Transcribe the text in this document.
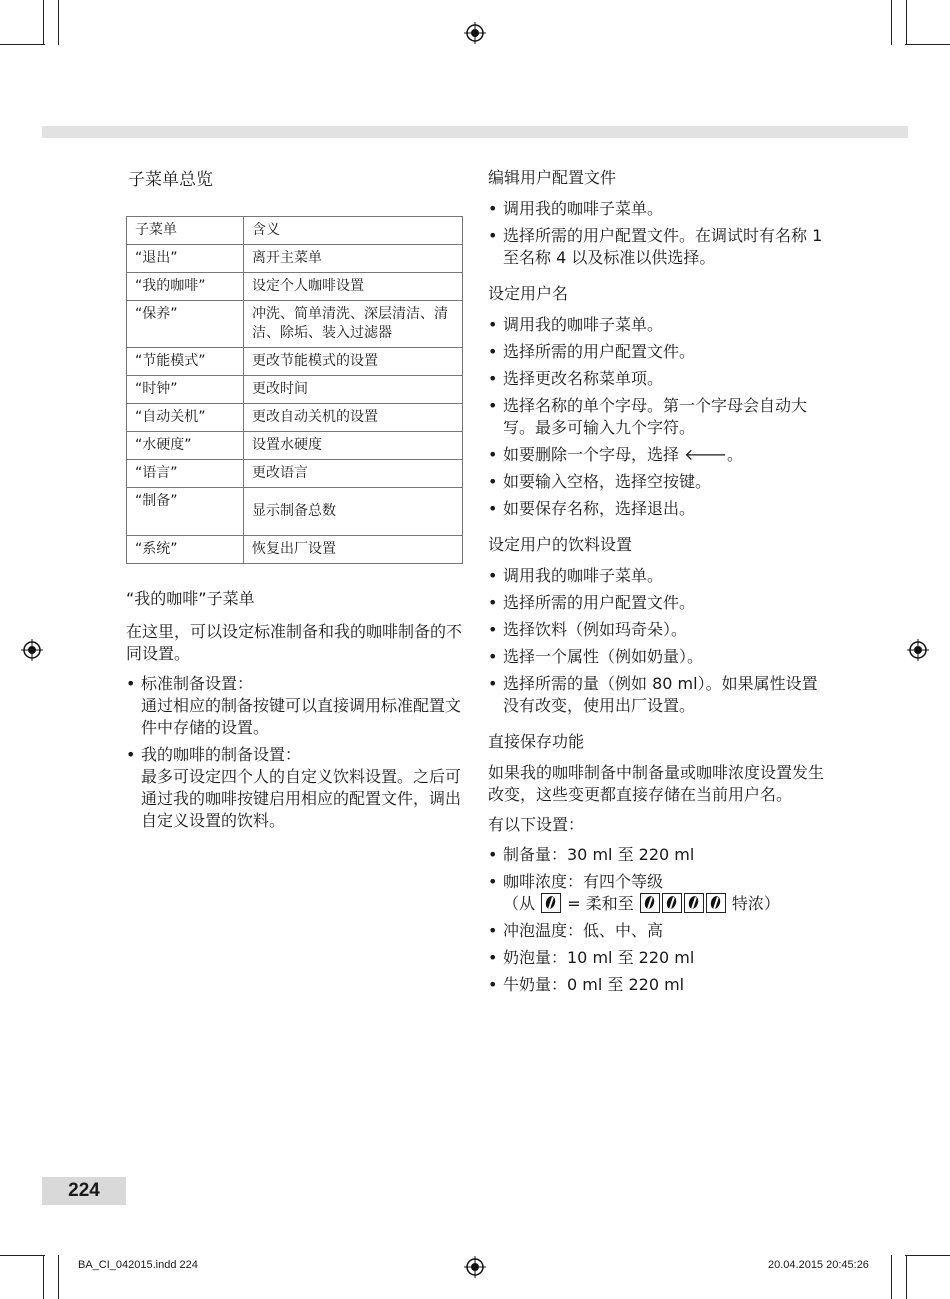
子菜单总览
子菜单	含义
“退出”	离开主菜单
“我的咖啡”	设定个人咖啡设置
“保养”	冲洗、简单清洗、深层清洁、清洁、除垢、装入过滤器
“节能模式”	更改节能模式的设置
“时钟”	更改时间
“自动关机”	更改自动关机的设置
“水硬度”	设置水硬度
“语言”	更改语言
“制备”	显示制备总数
“系统”	恢复出厂设置
“我的咖啡”子菜单

在这里，可以设定标准制备和我的咖啡制备的不同设置。

• 标准制备设置：
通过相应的制备按键可以直接调用标准配置文件中存储的设置。
• 我的咖啡的制备设置：
最多可设定四个人的自定义饮料设置。之后可通过我的咖啡按键启用相应的配置文件，调出自定义设置的饮料。
编辑用户配置文件
• 调用我的咖啡子菜单。
• 选择所需的用户配置文件。在调试时有名称 1 至名称 4 以及标准以供选择。
设定用户名
• 调用我的咖啡子菜单。
• 选择所需的用户配置文件。
• 选择更改名称菜单项。
• 选择名称的单个字母。第一个字母会自动大写。最多可输入九个字符。
• 如要删除一个字母，选择 🡐。
• 如要输入空格，选择空按键。
• 如要保存名称，选择退出。
设定用户的饮料设置
• 调用我的咖啡子菜单。
• 选择所需的用户配置文件。
• 选择饮料（例如玛奇朵）。
• 选择一个属性（例如奶量）。
• 选择所需的量（例如 80 ml）。如果属性设置没有改变，使用出厂设置。
直接保存功能

如果我的咖啡制备中制备量或咖啡浓度设置发生改变，这些变更都直接存储在当前用户名。

有以下设置：

• 制备量：30 ml 至 220 ml
• 咖啡浓度：有四个等级
（从 = 柔和至	特浓）
• 冲泡温度：低、中、高
• 奶泡量：10 ml 至 220 ml
• 牛奶量：0 ml 至 220 ml
224
BA_CI_042015.indd 224	20.04.2015 20:45:26
